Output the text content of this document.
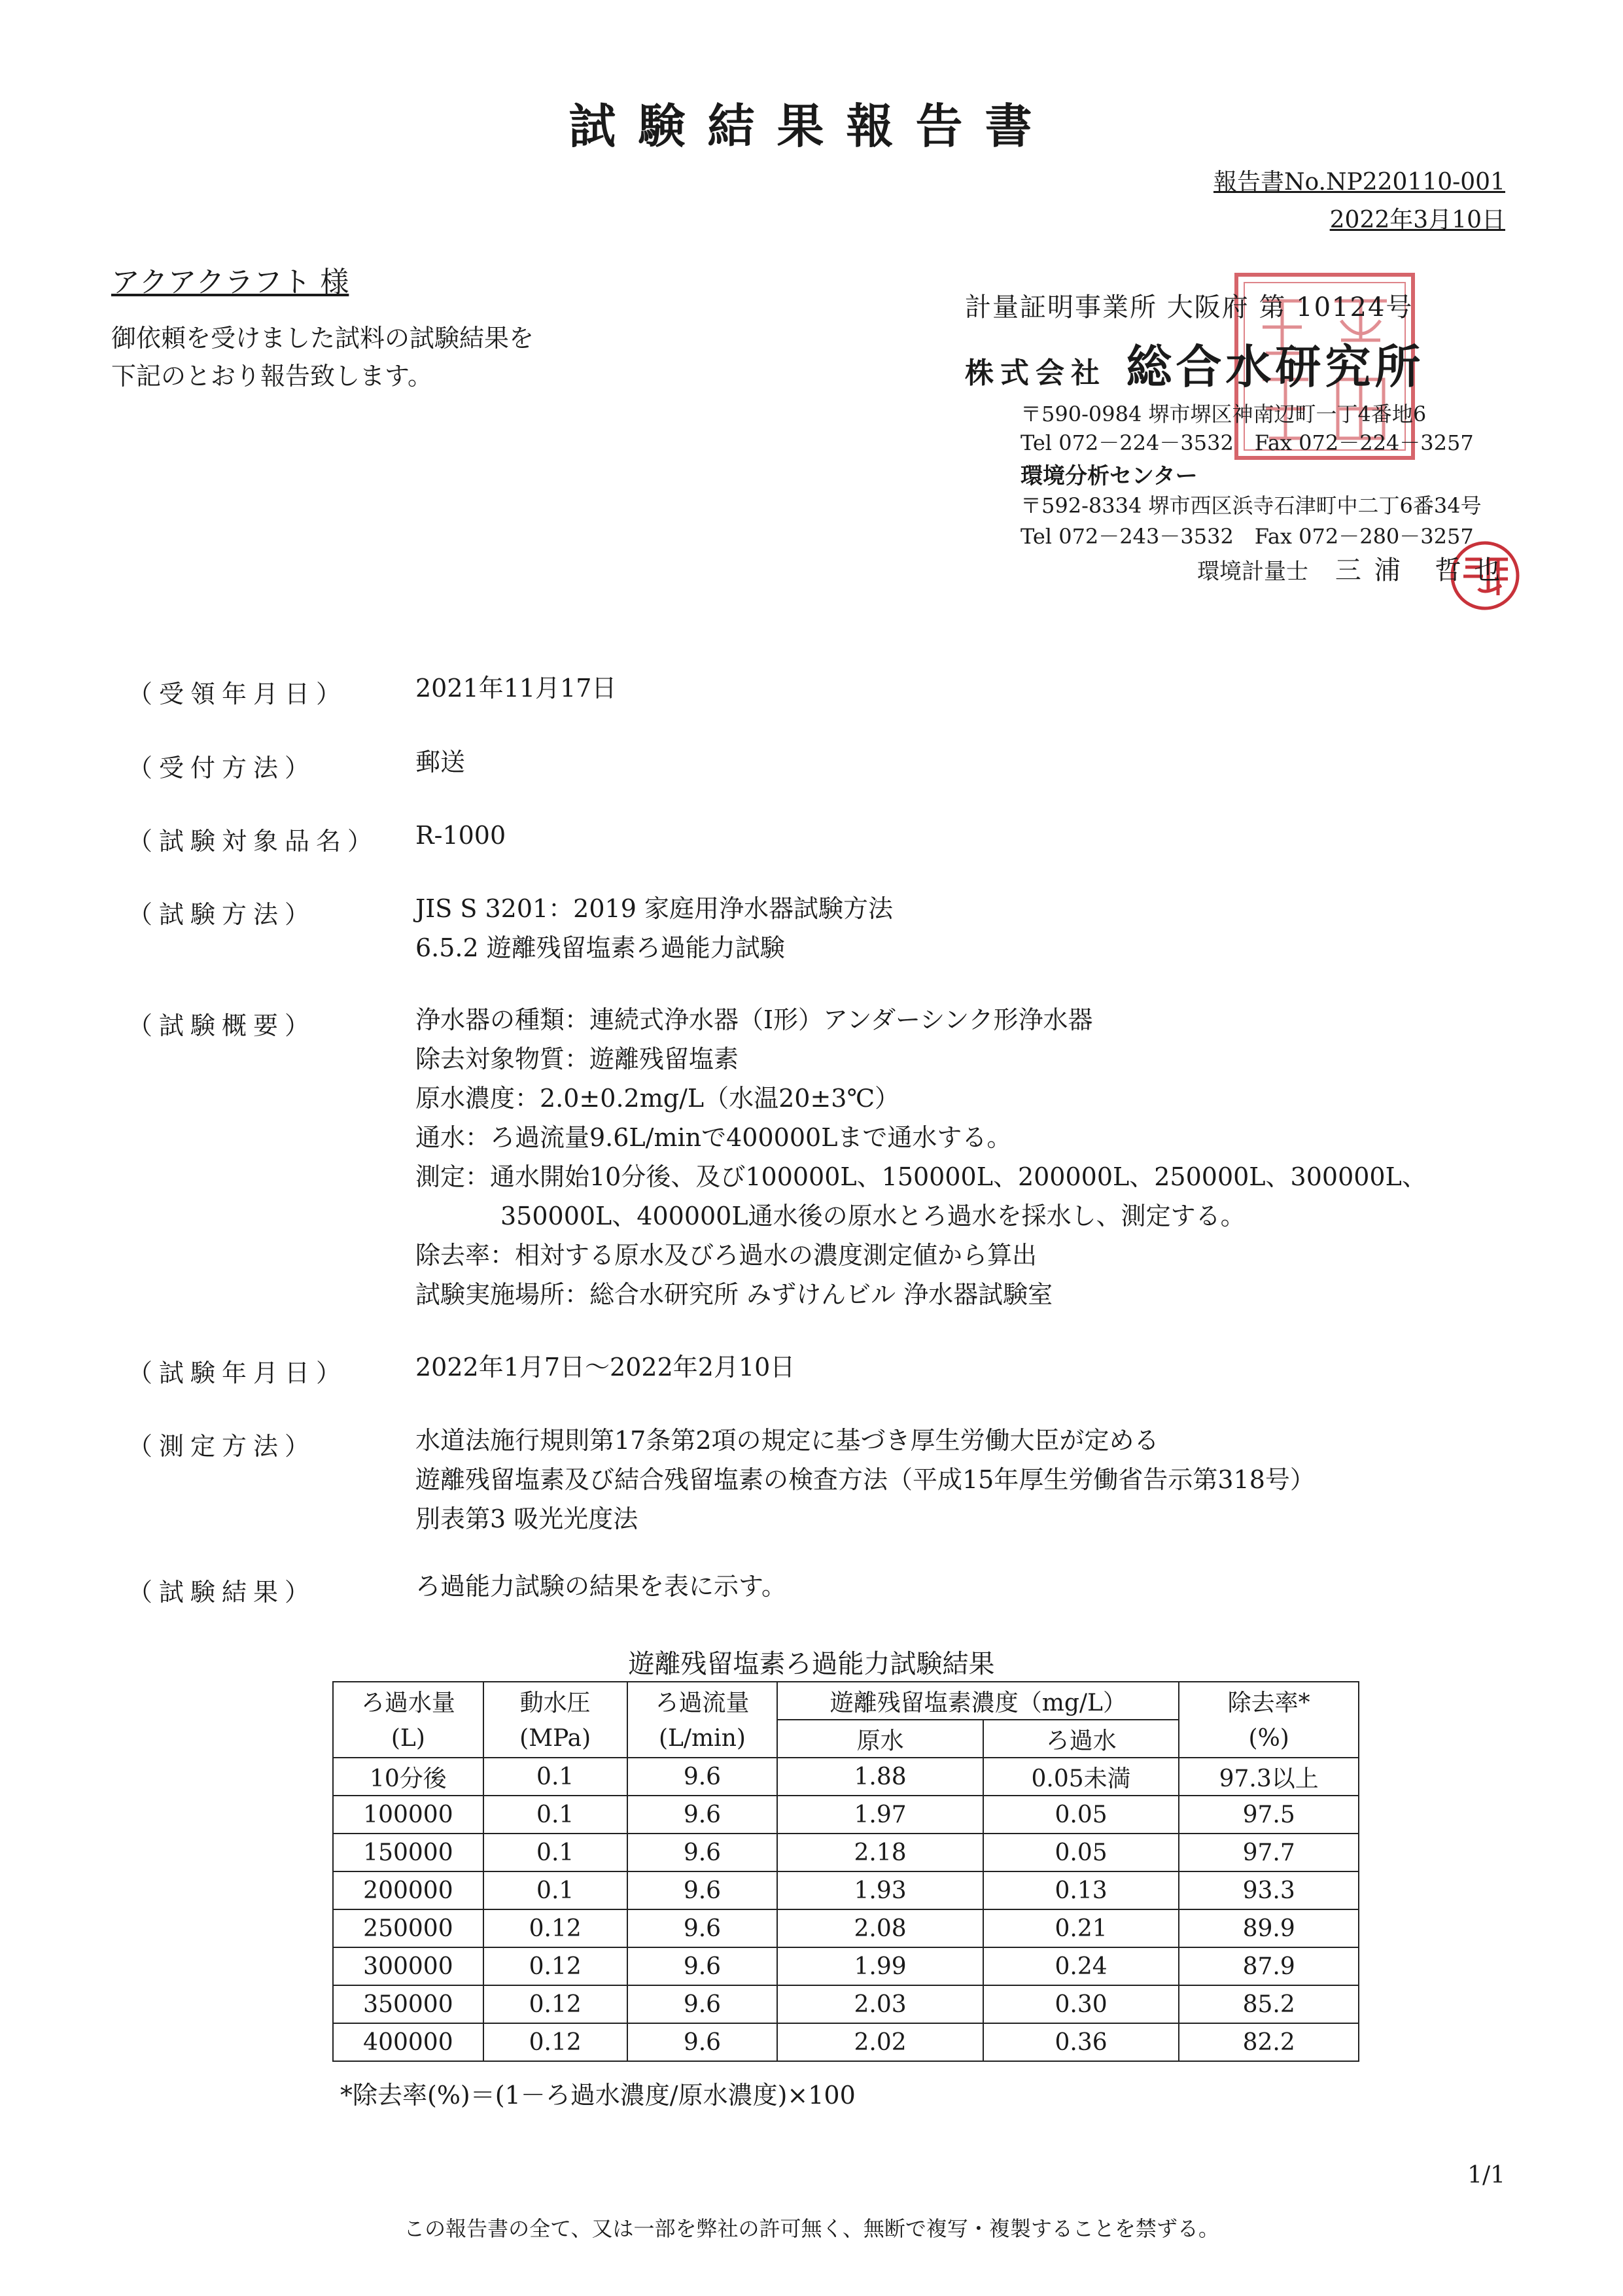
試験結果報告書
報告書No.NP220110-001
2022年3月10日
アクアクラフト 様
御依頼を受けました試料の試験結果を
下記のとおり報告致します。
計量証明事業所 大阪府 第 10124号
株式会社 総合水研究所
〒590-0984 堺市堺区神南辺町一丁4番地6
Tel 072－224－3532　Fax 072－224－3257
環境分析センター
〒592-8334 堺市西区浜寺石津町中二丁6番34号
Tel 072－243－3532　Fax 072－280－3257
環境計量士 三浦 哲也
（受領年月日）	2021年11月17日
（受付方法）	郵送
（試験対象品名） R-1000
（試験方法）	JIS S 3201：2019 家庭用浄水器試験方法
6.5.2 遊離残留塩素ろ過能力試験
（試験概要）	浄水器の種類：連続式浄水器（I形）アンダーシンク形浄水器
除去対象物質：遊離残留塩素
原水濃度：2.0±0.2mg/L（水温20±3℃）
通水：ろ過流量9.6L/minで400000Lまで通水する。
測定：通水開始10分後、及び100000L、150000L、200000L、250000L、300000L、
350000L、400000L通水後の原水とろ過水を採水し、測定する。
除去率：相対する原水及びろ過水の濃度測定値から算出
試験実施場所：総合水研究所 みずけんビル 浄水器試験室
（試験年月日）	2022年1月7日～2022年2月10日
（測定方法）	水道法施行規則第17条第2項の規定に基づき厚生労働大臣が定める
遊離残留塩素及び結合残留塩素の検査方法（平成15年厚生労働省告示第318号）
別表第3 吸光光度法
（試験結果）	ろ過能力試験の結果を表に示す。
遊離残留塩素ろ過能力試験結果
ろ過水量	動水圧	ろ過流量	遊離残留塩素濃度（mg/L）		除去率*
(L)	(MPa)	(L/min)	原水	ろ過水	(%)
10分後	0.1	9.6	1.88	0.05未満	97.3以上
100000	0.1	9.6	1.97	0.05	97.5
150000	0.1	9.6	2.18	0.05	97.7
200000	0.1	9.6	1.93	0.13	93.3
250000	0.12	9.6	2.08	0.21	89.9
300000	0.12	9.6	1.99	0.24	87.9
350000	0.12	9.6	2.03	0.30	85.2
400000	0.12	9.6	2.02	0.36	82.2
*除去率(%)＝(1－ろ過水濃度/原水濃度)×100
1/1
この報告書の全て、又は一部を弊社の許可無く、無断で複写・複製することを禁ずる。
